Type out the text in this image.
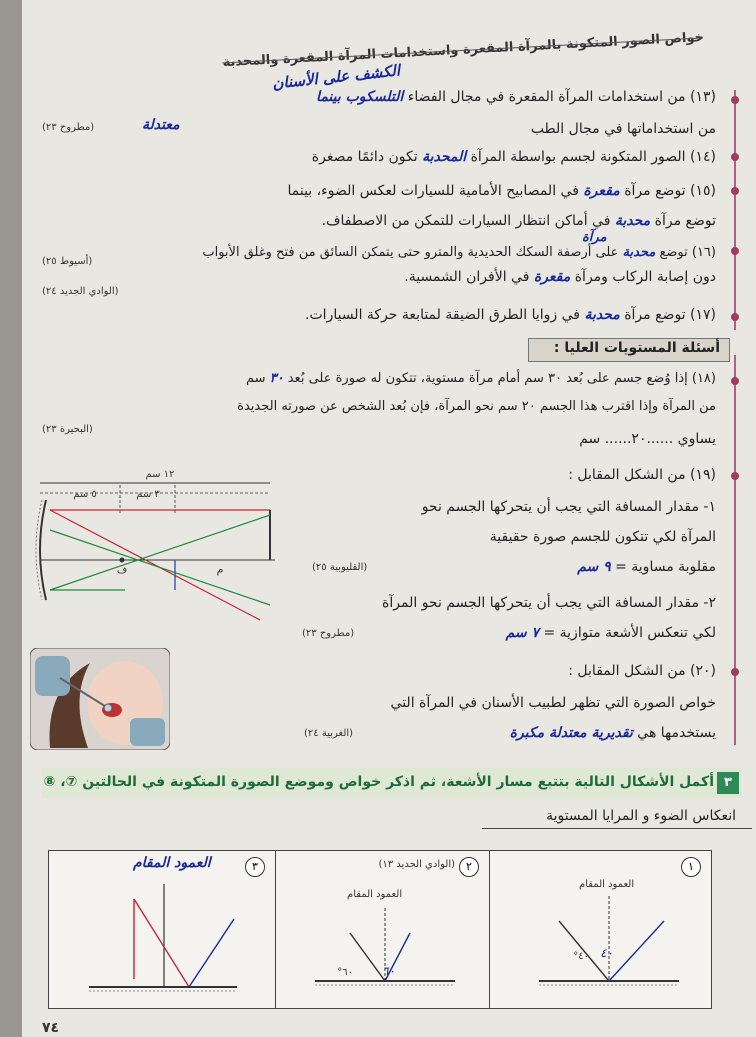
خواص الصور المتكونة بالمرآة المقعرة واستخدامات المرآة المقعرة والمحدبة
(١٣) من استخدامات المرآة المقعرة في مجال الفضاء التلسكوب بينما
الكشف على الأسنان
من استخداماتها في مجال الطب
(مطروح ٢٣)
(١٤) الصور المتكونة لجسم بواسطة المرآة المحدبة تكون دائمًا مصغرة
معتدلة
(١٥) توضع مرآة مقعرة في المصابيح الأمامية للسيارات لعكس الضوء، بينما
توضع مرآة محدبة في أماكن انتظار السيارات للتمكن من الاصطفاف.
مرآة
(١٦) توضع محدبة على أرصفة السكك الحديدية والمترو حتى يتمكن السائق من فتح وغلق الأبواب
(أسيوط ٢٥)
دون إصابة الركاب ومرآة مقعرة في الأفران الشمسية.
(الوادي الجديد ٢٤)
(١٧) توضع مرآة محدبة في زوايا الطرق الضيقة لمتابعة حركة السيارات.
أسئلة المستويات العليا :
(١٨) إذا وُضع جسم على بُعد ٣٠ سم أمام مرآة مستوية، تتكون له صورة على بُعد ٣٠ سم
من المرآة وإذا اقترب هذا الجسم ٢٠ سم نحو المرآة، فإن بُعد الشخص عن صورته الجديدة
(البحيرة ٢٣)
يساوي ......٢٠...... سم
(١٩) من الشكل المقابل :
١- مقدار المسافة التي يجب أن يتحركها الجسم نحو
المرآة لكي تتكون للجسم صورة حقيقية
مقلوبة مساوية = ٩ سم
(القليوبية ٢٥)
٢- مقدار المسافة التي يجب أن يتحركها الجسم نحو المرآة
لكي تنعكس الأشعة متوازية = ٧ سم
(مطروح ٢٣)
ف
١٢ سم
٥ سم	٣ سم
م
(٢٠) من الشكل المقابل :
خواص الصورة التي تظهر لطبيب الأسنان في المرآة التي
يستخدمها هي تقديرية معتدلة مكبرة
(الغربية ٢٤)
٣
أكمل الأشكال التالية بتتبع مسار الأشعة، ثم اذكر خواص وموضع الصورة المتكونة في الحالتين ⑦، ⑧
انعكاس الضوء و المرايا المستوية
١
العمود المقام
٤٠° ٤٠
٢
(الوادي الجديد ١٣)
العمود المقام
٦٠° ٦٠
٣
العمود المقام
٧٤
